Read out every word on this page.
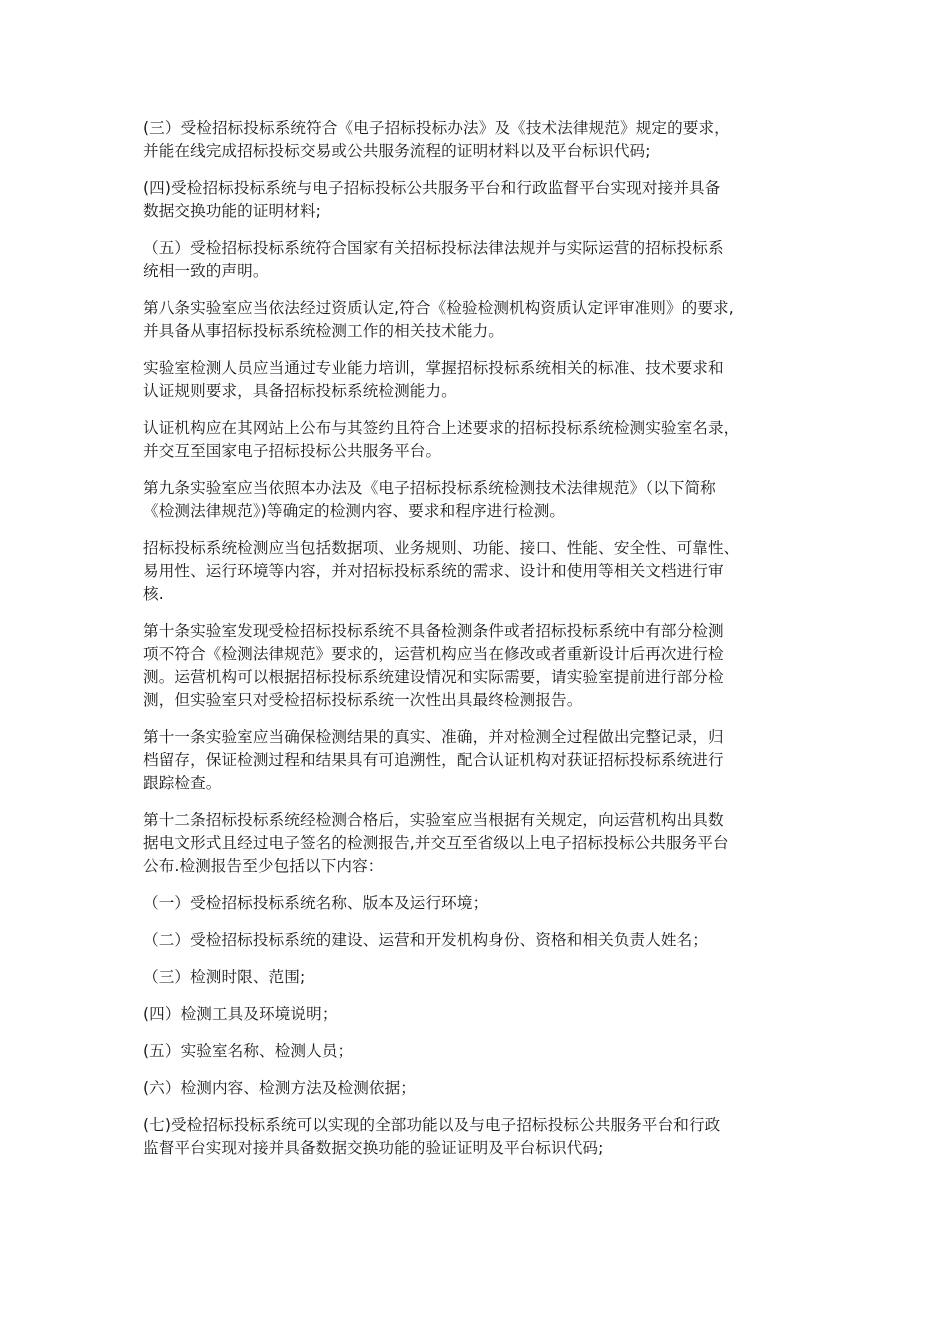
(三）受检招标投标系统符合《电子招标投标办法》及《技术法律规范》规定的要求，
并能在线完成招标投标交易或公共服务流程的证明材料以及平台标识代码;

(四)受检招标投标系统与电子招标投标公共服务平台和行政监督平台实现对接并具备
数据交换功能的证明材料;

（五）受检招标投标系统符合国家有关招标投标法律法规并与实际运营的招标投标系
统相一致的声明。

第八条实验室应当依法经过资质认定,符合《检验检测机构资质认定评审准则》的要求,
并具备从事招标投标系统检测工作的相关技术能力。

实验室检测人员应当通过专业能力培训，掌握招标投标系统相关的标准、技术要求和
认证规则要求，具备招标投标系统检测能力。

认证机构应在其网站上公布与其签约且符合上述要求的招标投标系统检测实验室名录，
并交互至国家电子招标投标公共服务平台。

第九条实验室应当依照本办法及《电子招标投标系统检测技术法律规范》（以下简称
《检测法律规范》)等确定的检测内容、要求和程序进行检测。

招标投标系统检测应当包括数据项、业务规则、功能、接口、性能、安全性、可靠性、
易用性、运行环境等内容，并对招标投标系统的需求、设计和使用等相关文档进行审
核.

第十条实验室发现受检招标投标系统不具备检测条件或者招标投标系统中有部分检测
项不符合《检测法律规范》要求的，运营机构应当在修改或者重新设计后再次进行检
测。运营机构可以根据招标投标系统建设情况和实际需要，请实验室提前进行部分检
测，但实验室只对受检招标投标系统一次性出具最终检测报告。

第十一条实验室应当确保检测结果的真实、准确，并对检测全过程做出完整记录，归
档留存，保证检测过程和结果具有可追溯性，配合认证机构对获证招标投标系统进行
跟踪检查。

第十二条招标投标系统经检测合格后，实验室应当根据有关规定，向运营机构出具数
据电文形式且经过电子签名的检测报告,并交互至省级以上电子招标投标公共服务平台
公布.检测报告至少包括以下内容：

（一）受检招标投标系统名称、版本及运行环境；

（二）受检招标投标系统的建设、运营和开发机构身份、资格和相关负责人姓名；

（三）检测时限、范围;

(四）检测工具及环境说明；

(五）实验室名称、检测人员；

(六）检测内容、检测方法及检测依据；

(七)受检招标投标系统可以实现的全部功能以及与电子招标投标公共服务平台和行政
监督平台实现对接并具备数据交换功能的验证证明及平台标识代码;
